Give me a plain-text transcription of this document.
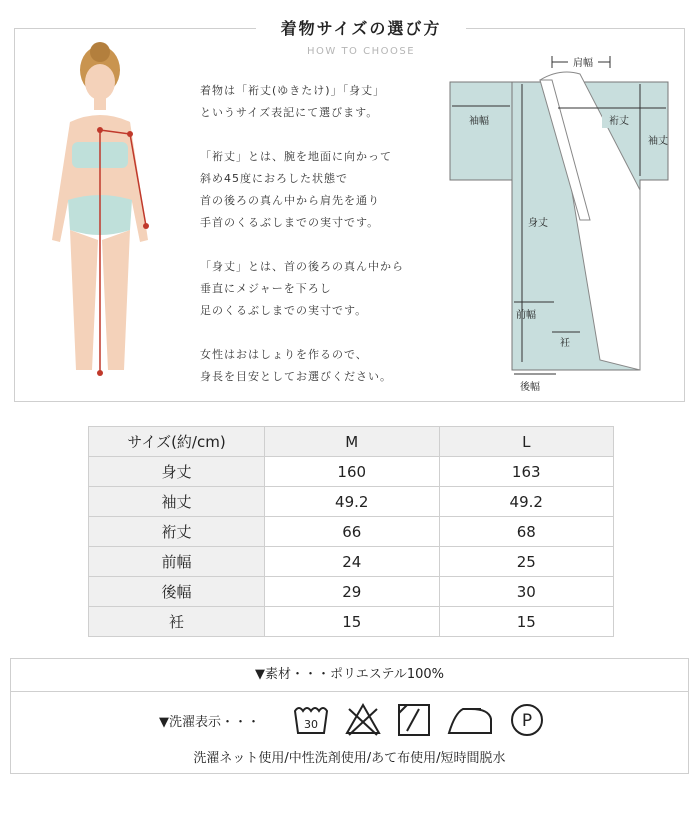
着物サイズの選び方
HOW TO CHOOSE

着物は「裄丈(ゆきたけ)」「身丈」
というサイズ表記にて選びます。

「裄丈」とは、腕を地面に向かって
斜め45度におろした状態で
首の後ろの真ん中から肩先を通り
手首のくるぶしまでの実寸です。

「身丈」とは、首の後ろの真ん中から
垂直にメジャーを下ろし
足のくるぶしまでの実寸です。

女性はおはしょりを作るので、
身長を目安としてお選びください。

肩幅
袖幅	裄丈
袖丈
身丈
前幅
衽
後幅
サイズ(約/cm)	M	L
身丈	160	163
袖丈	49.2	49.2
裄丈	66	68
前幅	24	25
後幅	29	30
衽	15	15
▼素材・・・ポリエステル100%
▼洗濯表示・・・	30	P
洗濯ネット使用/中性洗剤使用/あて布使用/短時間脱水
